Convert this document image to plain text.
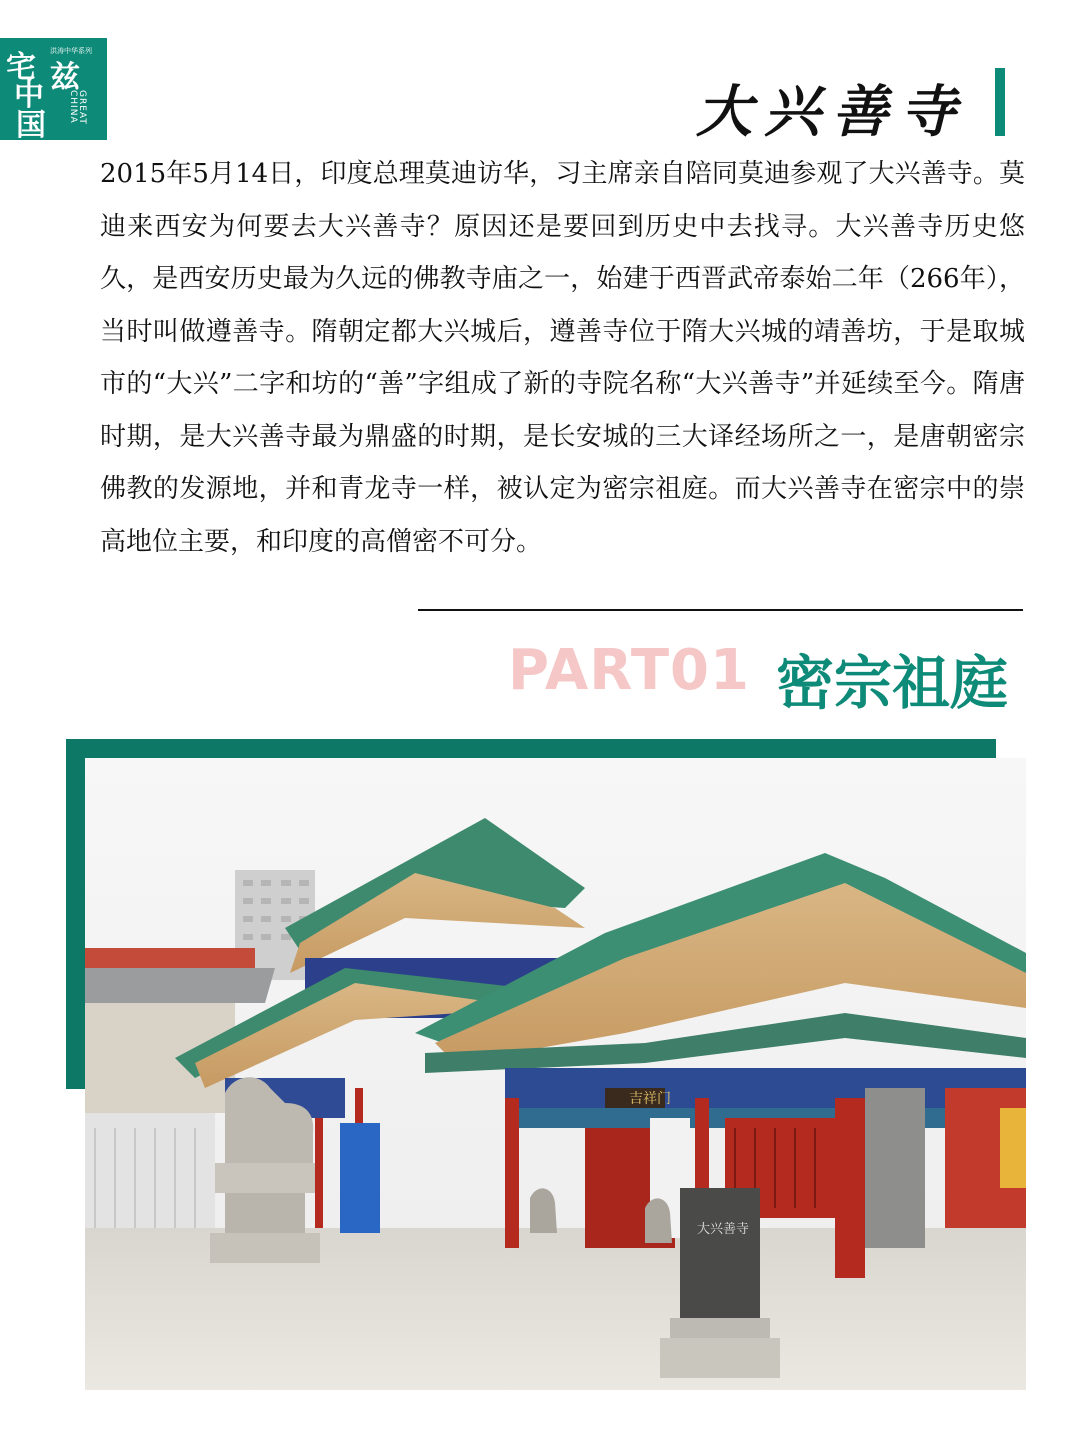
宅
中
国
兹
洪涛中华系列
GREAT CHINA	大兴善寺
2015年5月14日，印度总理莫迪访华，习主席亲自陪同莫迪参观了大兴善寺。莫迪来西安为何要去大兴善寺？原因还是要回到历史中去找寻。大兴善寺历史悠久，是西安历史最为久远的佛教寺庙之一，始建于西晋武帝泰始二年（266年），当时叫做遵善寺。隋朝定都大兴城后，遵善寺位于隋大兴城的靖善坊，于是取城市的“大兴”二字和坊的“善”字组成了新的寺院名称“大兴善寺”并延续至今。隋唐时期，是大兴善寺最为鼎盛的时期，是长安城的三大译经场所之一，是唐朝密宗佛教的发源地，并和青龙寺一样，被认定为密宗祖庭。而大兴善寺在密宗中的崇高地位主要，和印度的高僧密不可分。
PART01 密宗祖庭
吉祥门
大兴善寺
